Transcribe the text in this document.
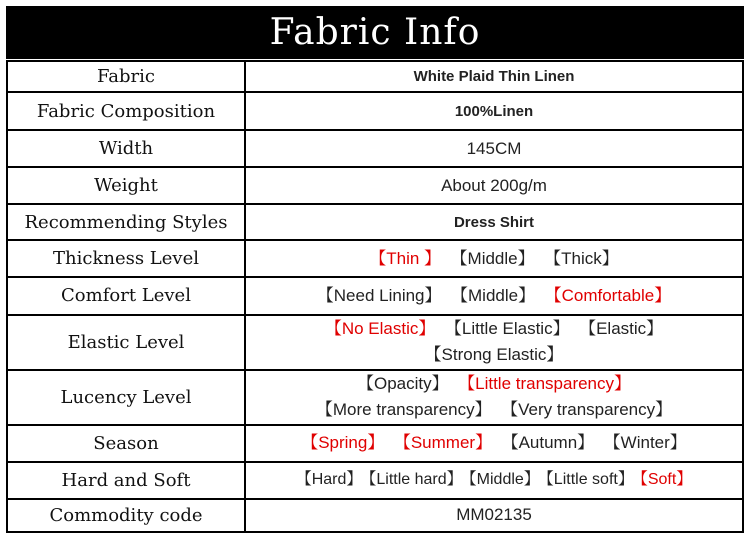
Fabric Info
Fabric	White Plaid Thin Linen
Fabric Composition	100%Linen
Width	145CM
Weight	About 200g/m
Recommending Styles	Dress Shirt
Thickness Level	【Thin 】 【Middle】 【Thick】

Comfort Level	【Need Lining】 【Middle】 【Comfortable】

Elastic Level	【No Elastic】 【Little Elastic】 【Elastic】
【Strong Elastic】

Lucency Level	【Opacity】 【Little transparency】
【More transparency】 【Very transparency】

Season	【Spring】 【Summer】 【Autumn】 【Winter】

Hard and Soft	【Hard】 【Little hard】 【Middle】 【Little soft】 【Soft】

Commodity code	MM02135
